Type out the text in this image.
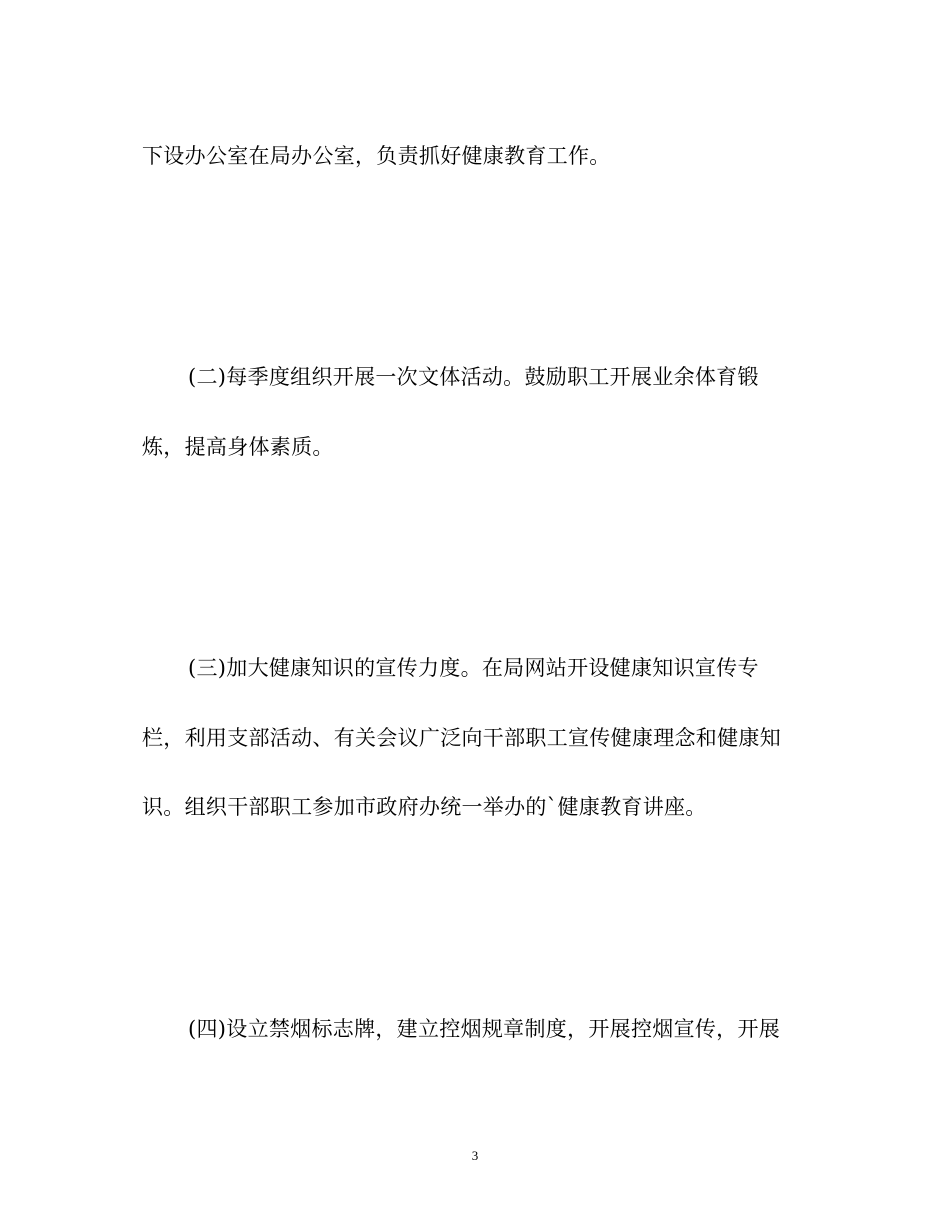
下设办公室在局办公室，负责抓好健康教育工作。
(二)每季度组织开展一次文体活动。鼓励职工开展业余体育锻
炼，提高身体素质。
(三)加大健康知识的宣传力度。在局网站开设健康知识宣传专
栏，利用支部活动、有关会议广泛向干部职工宣传健康理念和健康知
识。组织干部职工参加市政府办统一举办的`健康教育讲座。
(四)设立禁烟标志牌，建立控烟规章制度，开展控烟宣传，开展
3
